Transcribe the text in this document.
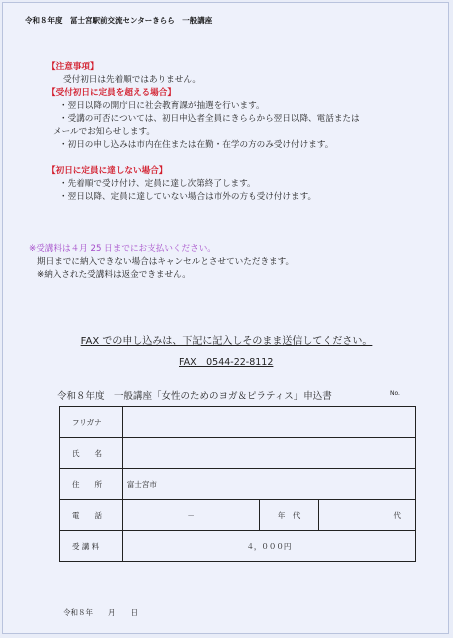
令和８年度　冨士宮駅前交流センターきらら　一般講座
【注意事項】
受付初日は先着順ではありません。
【受付初日に定員を超える場合】
・翌日以降の開庁日に社会教育課が抽選を行います。
・受講の可否については、初日申込者全員にきららから翌日以降、電話または
メールでお知らせします。
・初日の申し込みは市内在住または在勤・在学の方のみ受け付けます。
【初日に定員に達しない場合】
・先着順で受け付け、定員に達し次第終了します。
・翌日以降、定員に達していない場合は市外の方も受け付けます。
※受講料は４月 25 日までにお支払いください。
期日までに納入できない場合はキャンセルとさせていただきます。
※納入された受講料は返金できません。
FAX での申し込みは、下記に記入しそのまま送信してください。
FAX　0544-22-8112
令和８年度　一般講座「女性のためのヨガ＆ピラティス」申込書	No.
フリガナ			
氏　　名			
住　　所	富士宮市		
電　　話	－	年　代	代
受 講 料	４，０００円		
令和８年　　月　　日
